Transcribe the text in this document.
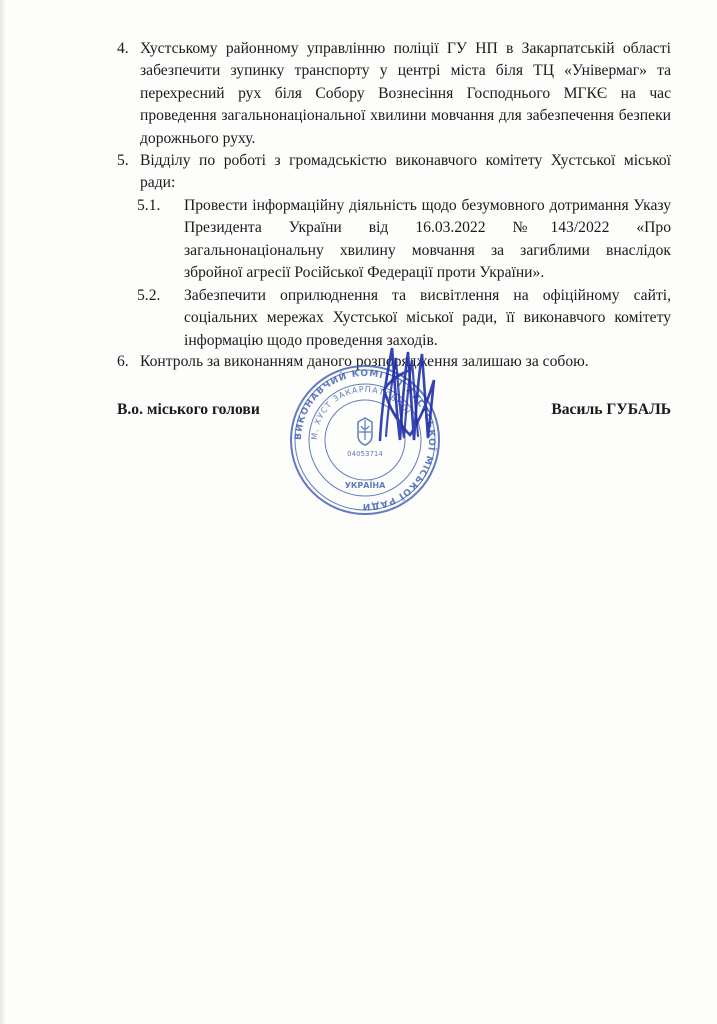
4. Хустському районному управлінню поліції ГУ НП в Закарпатській області забезпечити зупинку транспорту у центрі міста біля ТЦ «Універмаг» та перехресний рух біля Собору Вознесіння Господнього МГКЄ на час проведення загальнонаціональної хвилини мовчання для забезпечення безпеки дорожнього руху.
5. Відділу по роботі з громадськістю виконавчого комітету Хустської міської ради:
5.1.	Провести інформаційну діяльність щодо безумовного дотримання Указу Президента України від 16.03.2022 №143/2022 «Про загальнонаціональну хвилину мовчання за загиблими внаслідок збройної агресії Російської Федерації проти України».
5.2.	Забезпечити оприлюднення та висвітлення на офіційному сайті, соціальних мережах Хустської міської ради, її виконавчого комітету інформацію щодо проведення заходів.
6. Контроль за виконанням даного розпорядження залишаю за собою.
В.о. міського голови	Василь ГУБАЛЬ
ВИКОНАВЧИЙ КОМІТЕТ ХУСТСЬКОЇ МІСЬКОЇ РАДИ
М. ХУСТ ЗАКАРПАТСЬКОЇ
04053714
УКРАЇНА
